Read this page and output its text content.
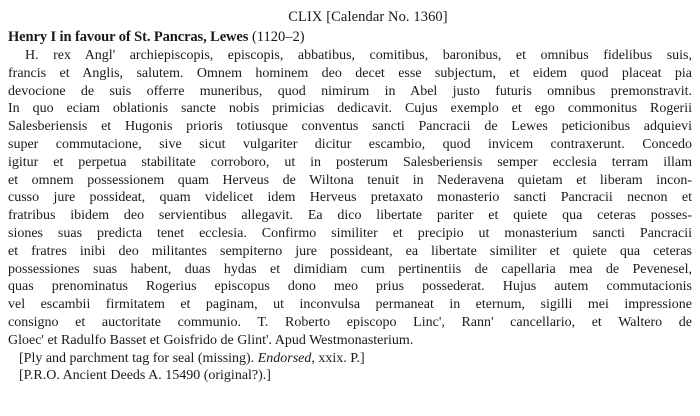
CLIX [Calendar No. 1360]
Henry I in favour of St. Pancras, Lewes (1120–2)
H. rex Angl' archiepiscopis, episcopis, abbatibus, comitibus, baronibus, et omnibus fidelibus suis,
francis et Anglis, salutem. Omnem hominem deo decet esse subjectum, et eidem quod placeat pia
devocione de suis offerre muneribus, quod nimirum in Abel justo futuris omnibus premonstravit.
In quo eciam oblationis sancte nobis primicias dedicavit. Cujus exemplo et ego commonitus Rogerii
Salesberiensis et Hugonis prioris totiusque conventus sancti Pancracii de Lewes peticionibus adquievi
super commutacione, sive sicut vulgariter dicitur escambio, quod invicem contraxerunt. Concedo
igitur et perpetua stabilitate corroboro, ut in posterum Salesberiensis semper ecclesia terram illam
et omnem possessionem quam Herveus de Wiltona tenuit in Nederavena quietam et liberam incon-
cusso jure possideat, quam videlicet idem Herveus pretaxato monasterio sancti Pancracii necnon et
fratribus ibidem deo servientibus allegavit. Ea dico libertate pariter et quiete qua ceteras posses-
siones suas predicta tenet ecclesia. Confirmo similiter et precipio ut monasterium sancti Pancracii
et fratres inibi deo militantes sempiterno jure possideant, ea libertate similiter et quiete qua ceteras
possessiones suas habent, duas hydas et dimidiam cum pertinentiis de capellaria mea de Pevenesel,
quas prenominatus Rogerius episcopus dono meo prius possederat. Hujus autem commutacionis
vel escambii firmitatem et paginam, ut inconvulsa permaneat in eternum, sigilli mei impressione
consigno et auctoritate communio. T. Roberto episcopo Linc', Rann' cancellario, et Waltero de
Gloec' et Radulfo Basset et Goisfrido de Glint'. Apud Westmonasterium.
[Ply and parchment tag for seal (missing). Endorsed, xxix. P.]
[P.R.O. Ancient Deeds A. 15490 (original?).]
